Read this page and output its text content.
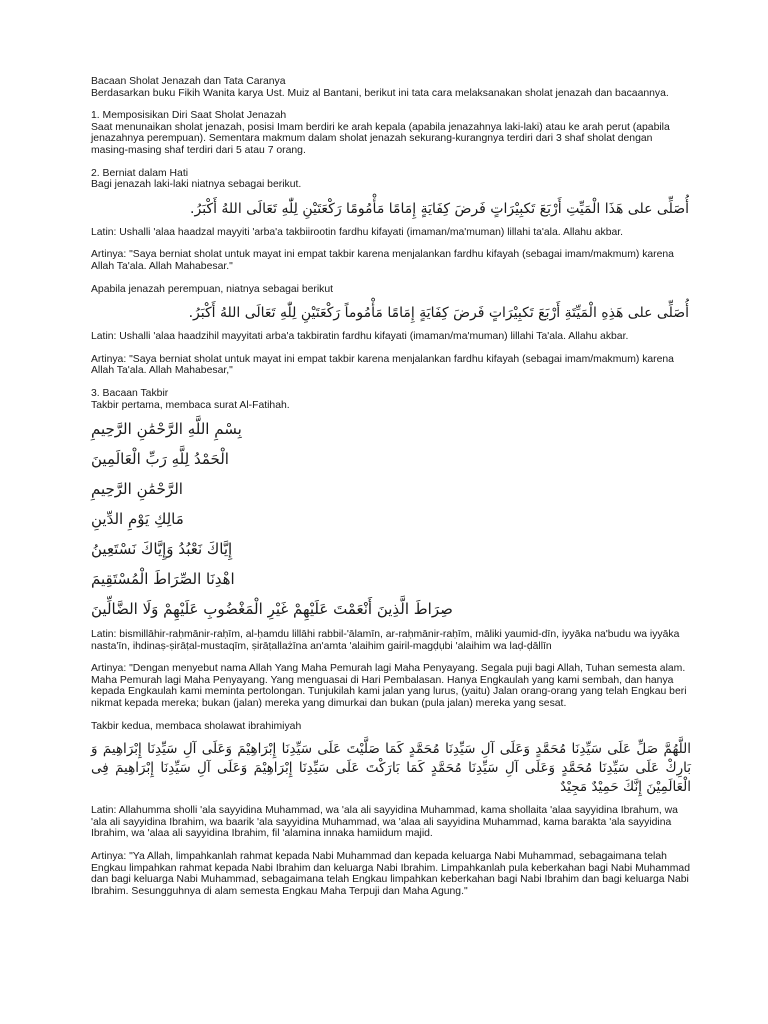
Bacaan Sholat Jenazah dan Tata Caranya

Berdasarkan buku Fikih Wanita karya Ust. Muiz al Bantani, berikut ini tata cara melaksanakan sholat jenazah dan bacaannya.

1. Memposisikan Diri Saat Sholat Jenazah

Saat menunaikan sholat jenazah, posisi Imam berdiri ke arah kepala (apabila jenazahnya laki-laki) atau ke arah perut (apabila jenazahnya perempuan). Sementara makmum dalam sholat jenazah sekurang-kurangnya terdiri dari 3 shaf sholat dengan masing-masing shaf terdiri dari 5 atau 7 orang.

2. Berniat dalam Hati

Bagi jenazah laki-laki niatnya sebagai berikut.

أُصَلِّى على هَذَا الْمَيِّتِ أَرْبَعَ تَكبِيْرَاتٍ فَرضَ كِفَايَةٍ إِمَامًا مَأْمُومًا رَكْعَتَيْنِ لِلّٰهِ تَعَالَى اللهُ أَكْبَرُ.

Latin: Ushalli 'alaa haadzal mayyiti 'arba'a takbiirootin fardhu kifayati (imaman/ma'muman) lillahi ta'ala. Allahu akbar.

Artinya: "Saya berniat sholat untuk mayat ini empat takbir karena menjalankan fardhu kifayah (sebagai imam/makmum) karena Allah Ta'ala. Allah Mahabesar."

Apabila jenazah perempuan, niatnya sebagai berikut

أُصَلِّى على هَذِهِ الْمَيِّتَةِ أَرْبَعَ تَكبِيْرَاتٍ فَرضَ كِفَايَةٍ إِمَامًا مَأْمُوماً رَكْعَتَيْنِ لِلّٰهِ تَعَالَى اللهُ أَكْبَرُ.

Latin: Ushalli 'alaa haadzihil mayyitati arba'a takbiratin fardhu kifayati (imaman/ma'muman) lillahi Ta'ala. Allahu akbar.

Artinya: "Saya berniat sholat untuk mayat ini empat takbir karena menjalankan fardhu kifayah (sebagai imam/makmum) karena Allah Ta'ala. Allah Mahabesar,"

3. Bacaan Takbir

Takbir pertama, membaca surat Al-Fatihah.

بِسْمِ اللَّهِ الرَّحْمَٰنِ الرَّحِيمِ

الْحَمْدُ لِلَّهِ رَبِّ الْعَالَمِينَ

الرَّحْمَٰنِ الرَّحِيمِ

مَالِكِ يَوْمِ الدِّينِ

إِيَّاكَ نَعْبُدُ وَإِيَّاكَ نَسْتَعِينُ

اهْدِنَا الصِّرَاطَ الْمُسْتَقِيمَ

صِرَاطَ الَّذِينَ أَنْعَمْتَ عَلَيْهِمْ غَيْرِ الْمَغْضُوبِ عَلَيْهِمْ وَلَا الضَّالِّينَ

Latin: bismillāhir-raḥmānir-raḥīm, al-ḥamdu lillāhi rabbil-'ālamīn, ar-raḥmānir-raḥīm, māliki yaumid-dīn, iyyāka na'budu wa iyyāka nasta'īn, ihdinaṣ-ṣirāṭal-mustaqīm, ṣirāṭallażīna an'amta 'alaihim gairil-magḍụbi 'alaihim wa laḍ-ḍāllīn

Artinya: "Dengan menyebut nama Allah Yang Maha Pemurah lagi Maha Penyayang. Segala puji bagi Allah, Tuhan semesta alam. Maha Pemurah lagi Maha Penyayang. Yang menguasai di Hari Pembalasan. Hanya Engkaulah yang kami sembah, dan hanya kepada Engkaulah kami meminta pertolongan. Tunjukilah kami jalan yang lurus, (yaitu) Jalan orang-orang yang telah Engkau beri nikmat kepada mereka; bukan (jalan) mereka yang dimurkai dan bukan (pula jalan) mereka yang sesat.

Takbir kedua, membaca sholawat ibrahimiyah

اللَّهُمَّ صَلِّ عَلَى سَيِّدِنَا مُحَمَّدٍ وَعَلَى آلِ سَيِّدِنَا مُحَمَّدٍ كَمَا صَلَّيْتَ عَلَى سَيِّدِنَا إِبْرَاهِيْمَ وَعَلَى آلِ سَيِّدِنَا إِبْرَاهِيمَ وَ بَارِكْ عَلَى سَيِّدِنَا مُحَمَّدٍ وَعَلَى آلِ سَيِّدِنَا مُحَمَّدٍ كَمَا بَارَكْتَ عَلَى سَيِّدِنَا إِبْرَاهِيْمَ وَعَلَى آلِ سَيِّدِنَا إِبْرَاهِيمَ فِى الْعَالَمِيْنَ إِنَّكَ حَمِيْدٌ مَجِيْدٌ

Latin: Allahumma sholli 'ala sayyidina Muhammad, wa 'ala ali sayyidina Muhammad, kama shollaita 'alaa sayyidina Ibrahum, wa 'ala ali sayyidina Ibrahim, wa baarik 'ala sayyidina Muhammad, wa 'alaa ali sayyidina Muhammad, kama barakta 'ala sayyidina Ibrahim, wa 'alaa ali sayyidina Ibrahim, fil 'alamina innaka hamiidum majid.

Artinya: "Ya Allah, limpahkanlah rahmat kepada Nabi Muhammad dan kepada keluarga Nabi Muhammad, sebagaimana telah Engkau limpahkan rahmat kepada Nabi Ibrahim dan keluarga Nabi Ibrahim. Limpahkanlah pula keberkahan bagi Nabi Muhammad dan bagi keluarga Nabi Muhammad, sebagaimana telah Engkau limpahkan keberkahan bagi Nabi Ibrahim dan bagi keluarga Nabi Ibrahim. Sesungguhnya di alam semesta Engkau Maha Terpuji dan Maha Agung."
